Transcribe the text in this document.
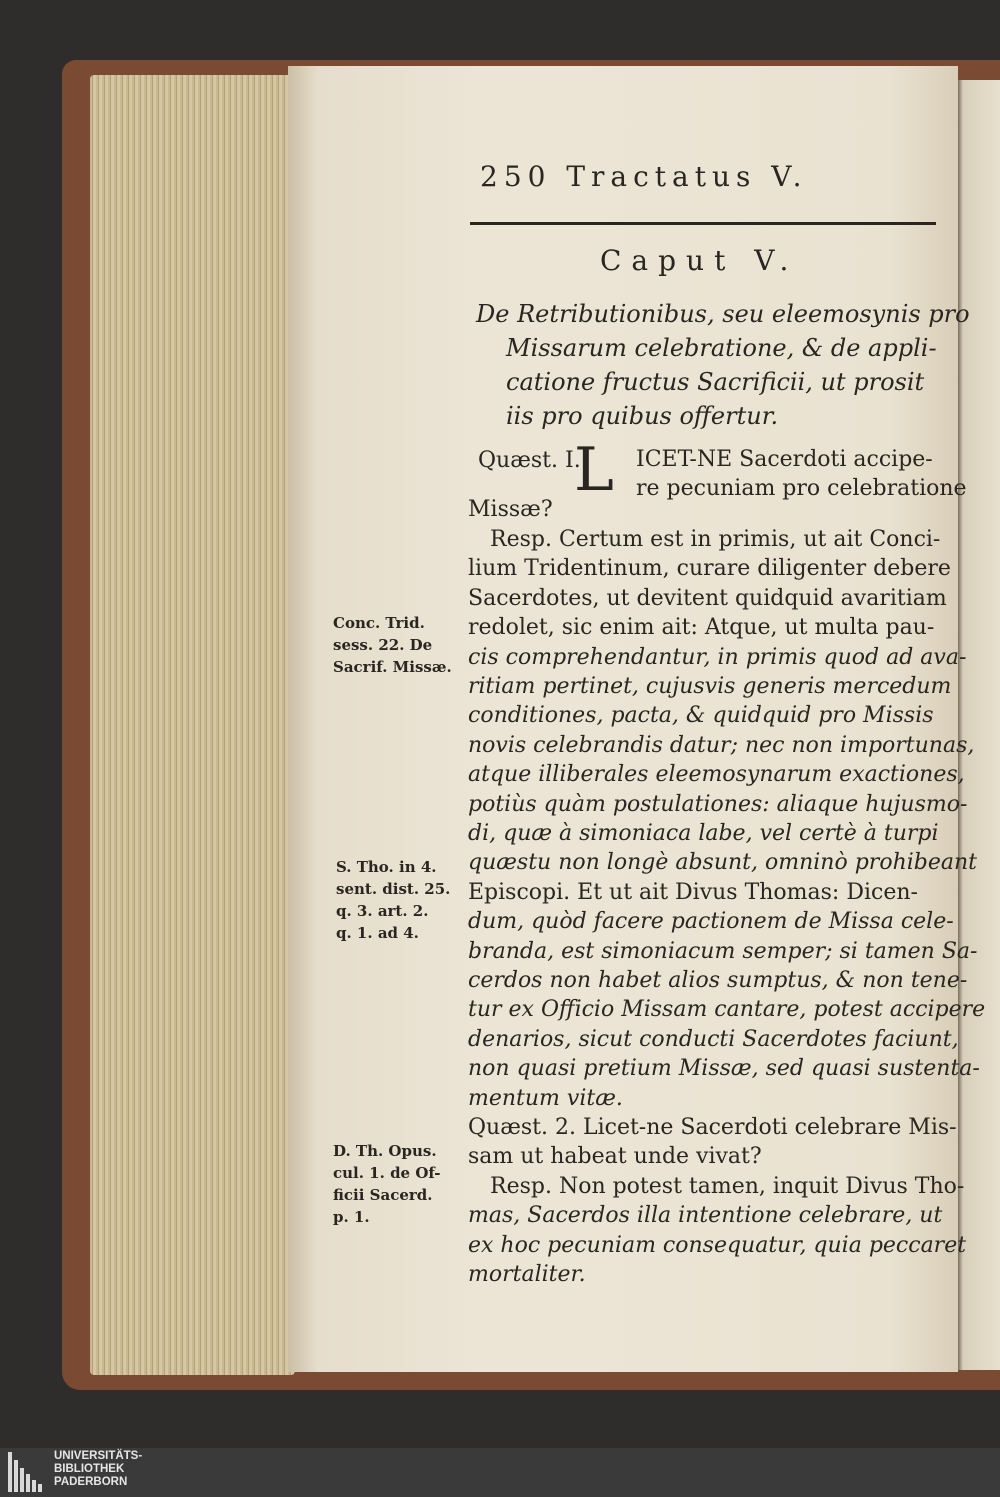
250 Tractatus V.
Caput V.
De Retributionibus, seu eleemosynis pro
Missarum celebratione, & de appli-
catione fructus Sacrificii, ut prosit
iis pro quibus offertur.
Quæst. I.
L ICET-NE Sacerdoti accipe-
re pecuniam pro celebratione
Missæ?
Resp. Certum est in primis, ut ait Conci-
lium Tridentinum, curare diligenter debere
Sacerdotes, ut devitent quidquid avaritiam
redolet, sic enim ait: Atque, ut multa pau-
cis comprehendantur, in primis quod ad ava-
ritiam pertinet, cujusvis generis mercedum
conditiones, pacta, & quidquid pro Missis
novis celebrandis datur; nec non importunas,
atque illiberales eleemosynarum exactiones,
potiùs quàm postulationes: aliaque hujusmo-
di, quæ à simoniaca labe, vel certè à turpi
quæstu non longè absunt, omninò prohibeant
Episcopi. Et ut ait Divus Thomas: Dicen-
dum, quòd facere pactionem de Missa cele-
branda, est simoniacum semper; si tamen Sa-
cerdos non habet alios sumptus, & non tene-
tur ex Officio Missam cantare, potest accipere
denarios, sicut conducti Sacerdotes faciunt,
non quasi pretium Missæ, sed quasi sustenta-
mentum vitæ.
Quæst. 2. Licet-ne Sacerdoti celebrare Mis-
sam ut habeat unde vivat?
Resp. Non potest tamen, inquit Divus Tho-
mas, Sacerdos illa intentione celebrare, ut
ex hoc pecuniam consequatur, quia peccaret
mortaliter.
Conc. Trid.
sess. 22. De
Sacrif. Missæ.
S. Tho. in 4.
sent. dist. 25.
q. 3. art. 2.
q. 1. ad 4.
D. Th. Opus.
cul. 1. de Of-
ficii Sacerd.
p. 1.
UNIVERSITÄTS-
BIBLIOTHEK
PADERBORN
